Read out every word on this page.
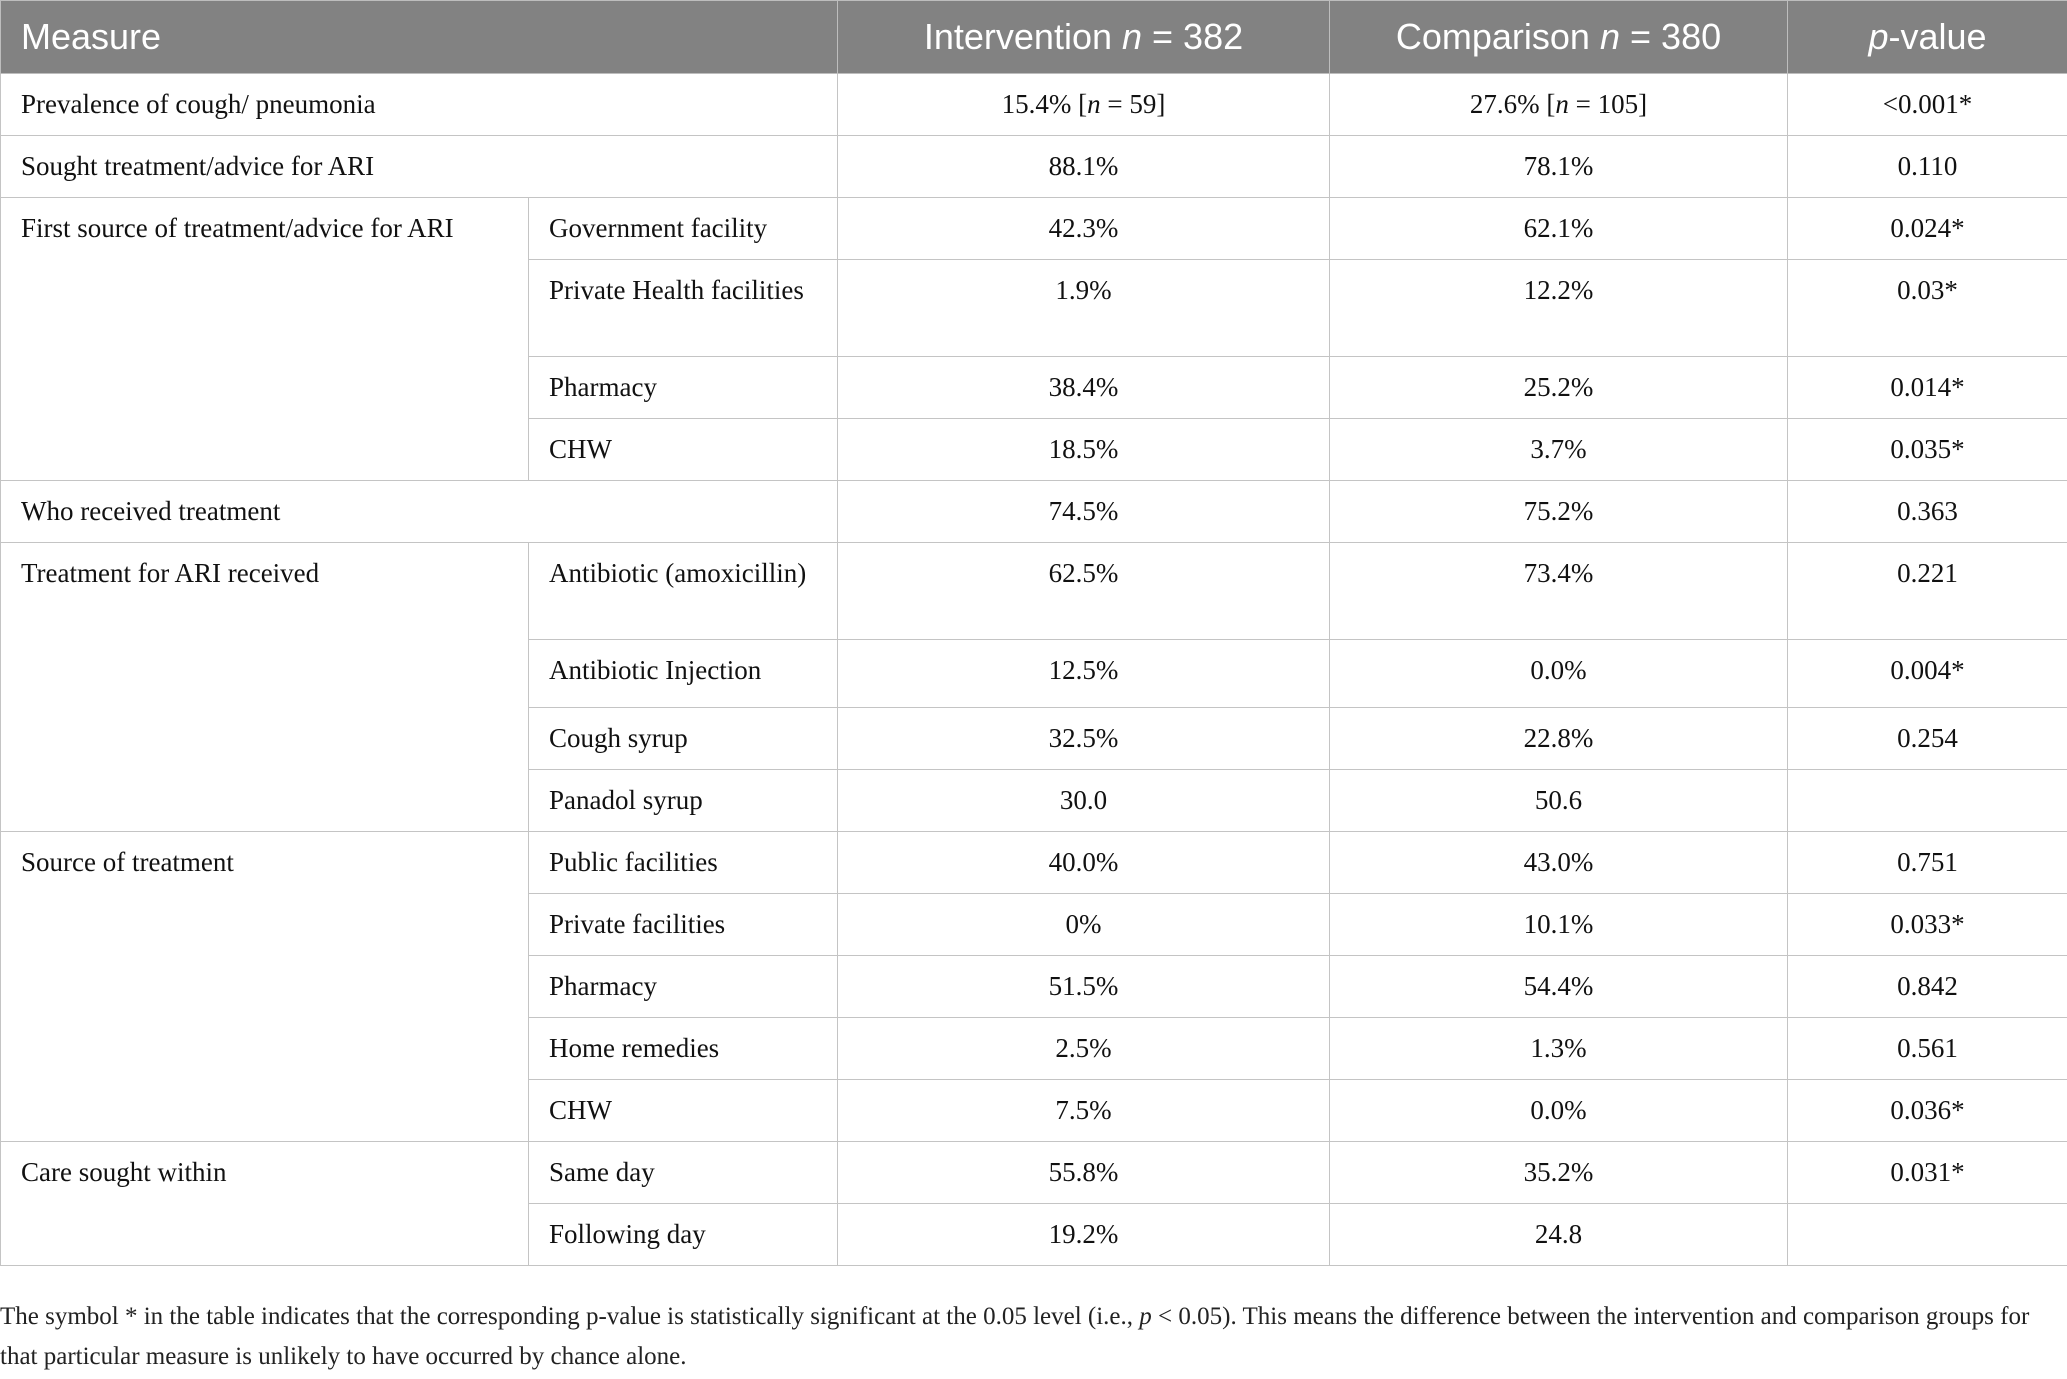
Measure		Intervention n = 382	Comparison n = 380	p-value
Prevalence of cough/ pneumonia		15.4% [n = 59]	27.6% [n = 105]	<0.001*
Sought treatment/advice for ARI		88.1%	78.1%	0.110
First source of treatment/advice for ARI	Government facility	42.3%	62.1%	0.024*
	Private Health facilities	1.9%	12.2%	0.03*
	Pharmacy	38.4%	25.2%	0.014*
	CHW	18.5%	3.7%	0.035*
Who received treatment		74.5%	75.2%	0.363
Treatment for ARI received	Antibiotic (amoxicillin)	62.5%	73.4%	0.221
	Antibiotic Injection	12.5%	0.0%	0.004*
	Cough syrup	32.5%	22.8%	0.254
	Panadol syrup	30.0	50.6	
Source of treatment	Public facilities	40.0%	43.0%	0.751
	Private facilities	0%	10.1%	0.033*
	Pharmacy	51.5%	54.4%	0.842
	Home remedies	2.5%	1.3%	0.561
	CHW	7.5%	0.0%	0.036*
Care sought within	Same day	55.8%	35.2%	0.031*
	Following day	19.2%	24.8	
The symbol * in the table indicates that the corresponding p-value is statistically significant at the 0.05 level (i.e., p < 0.05). This means the difference between the intervention and comparison groups for that particular measure is unlikely to have occurred by chance alone.
